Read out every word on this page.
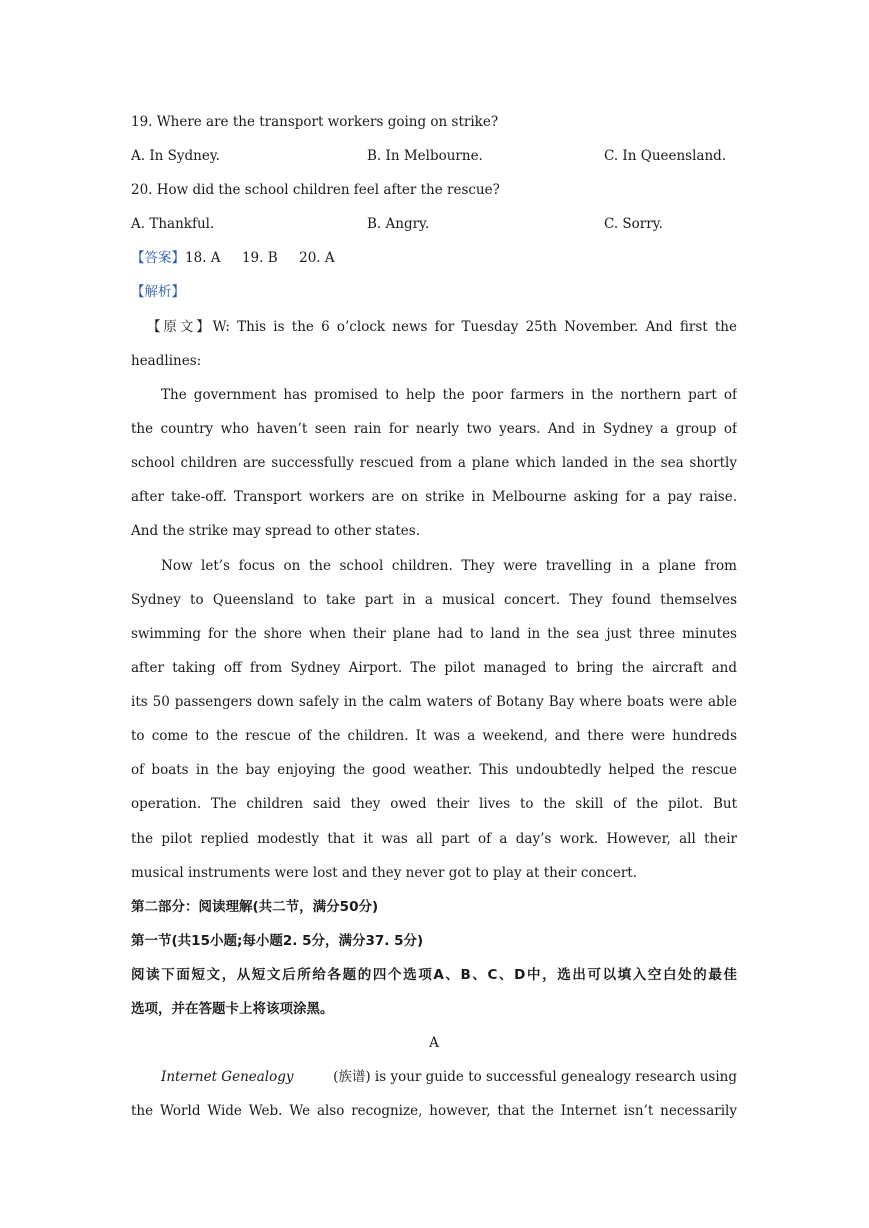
19. Where are the transport workers going on strike?
A. In Sydney.	B. In Melbourne.	C. In Queensland.
20. How did the school children feel after the rescue?
A. Thankful.	B. Angry.	C. Sorry.
【答案】18. A     19. B     20. A
【解析】
【原文】W: This is the 6 o’clock news for Tuesday 25th November. And first the
headlines:
The government has promised to help the poor farmers in the northern part of
the country who haven’t seen rain for nearly two years. And in Sydney a group of
school children are successfully rescued from a plane which landed in the sea shortly
after take-off. Transport workers are on strike in Melbourne asking for a pay raise.
And the strike may spread to other states.
Now let’s focus on the school children. They were travelling in a plane from
Sydney to Queensland to take part in a musical concert. They found themselves
swimming for the shore when their plane had to land in the sea just three minutes
after taking off from Sydney Airport. The pilot managed to bring the aircraft and
its 50 passengers down safely in the calm waters of Botany Bay where boats were able
to come to the rescue of the children. It was a weekend, and there were hundreds
of boats in the bay enjoying the good weather. This undoubtedly helped the rescue
operation. The children said they owed their lives to the skill of the pilot. But
the pilot replied modestly that it was all part of a day’s work. However, all their
musical instruments were lost and they never got to play at their concert.
第二部分：阅读理解(共二节，满分50分)
第一节(共15小题;每小题2. 5分，满分37. 5分)
阅读下面短文，从短文后所给各题的四个选项A、B、C、D中，选出可以填入空白处的最佳
选项，并在答题卡上将该项涂黑。
A
Internet Genealogy	(族谱) is your guide to successful genealogy research using
the World Wide Web. We also recognize, however, that the Internet isn’t necessarily
